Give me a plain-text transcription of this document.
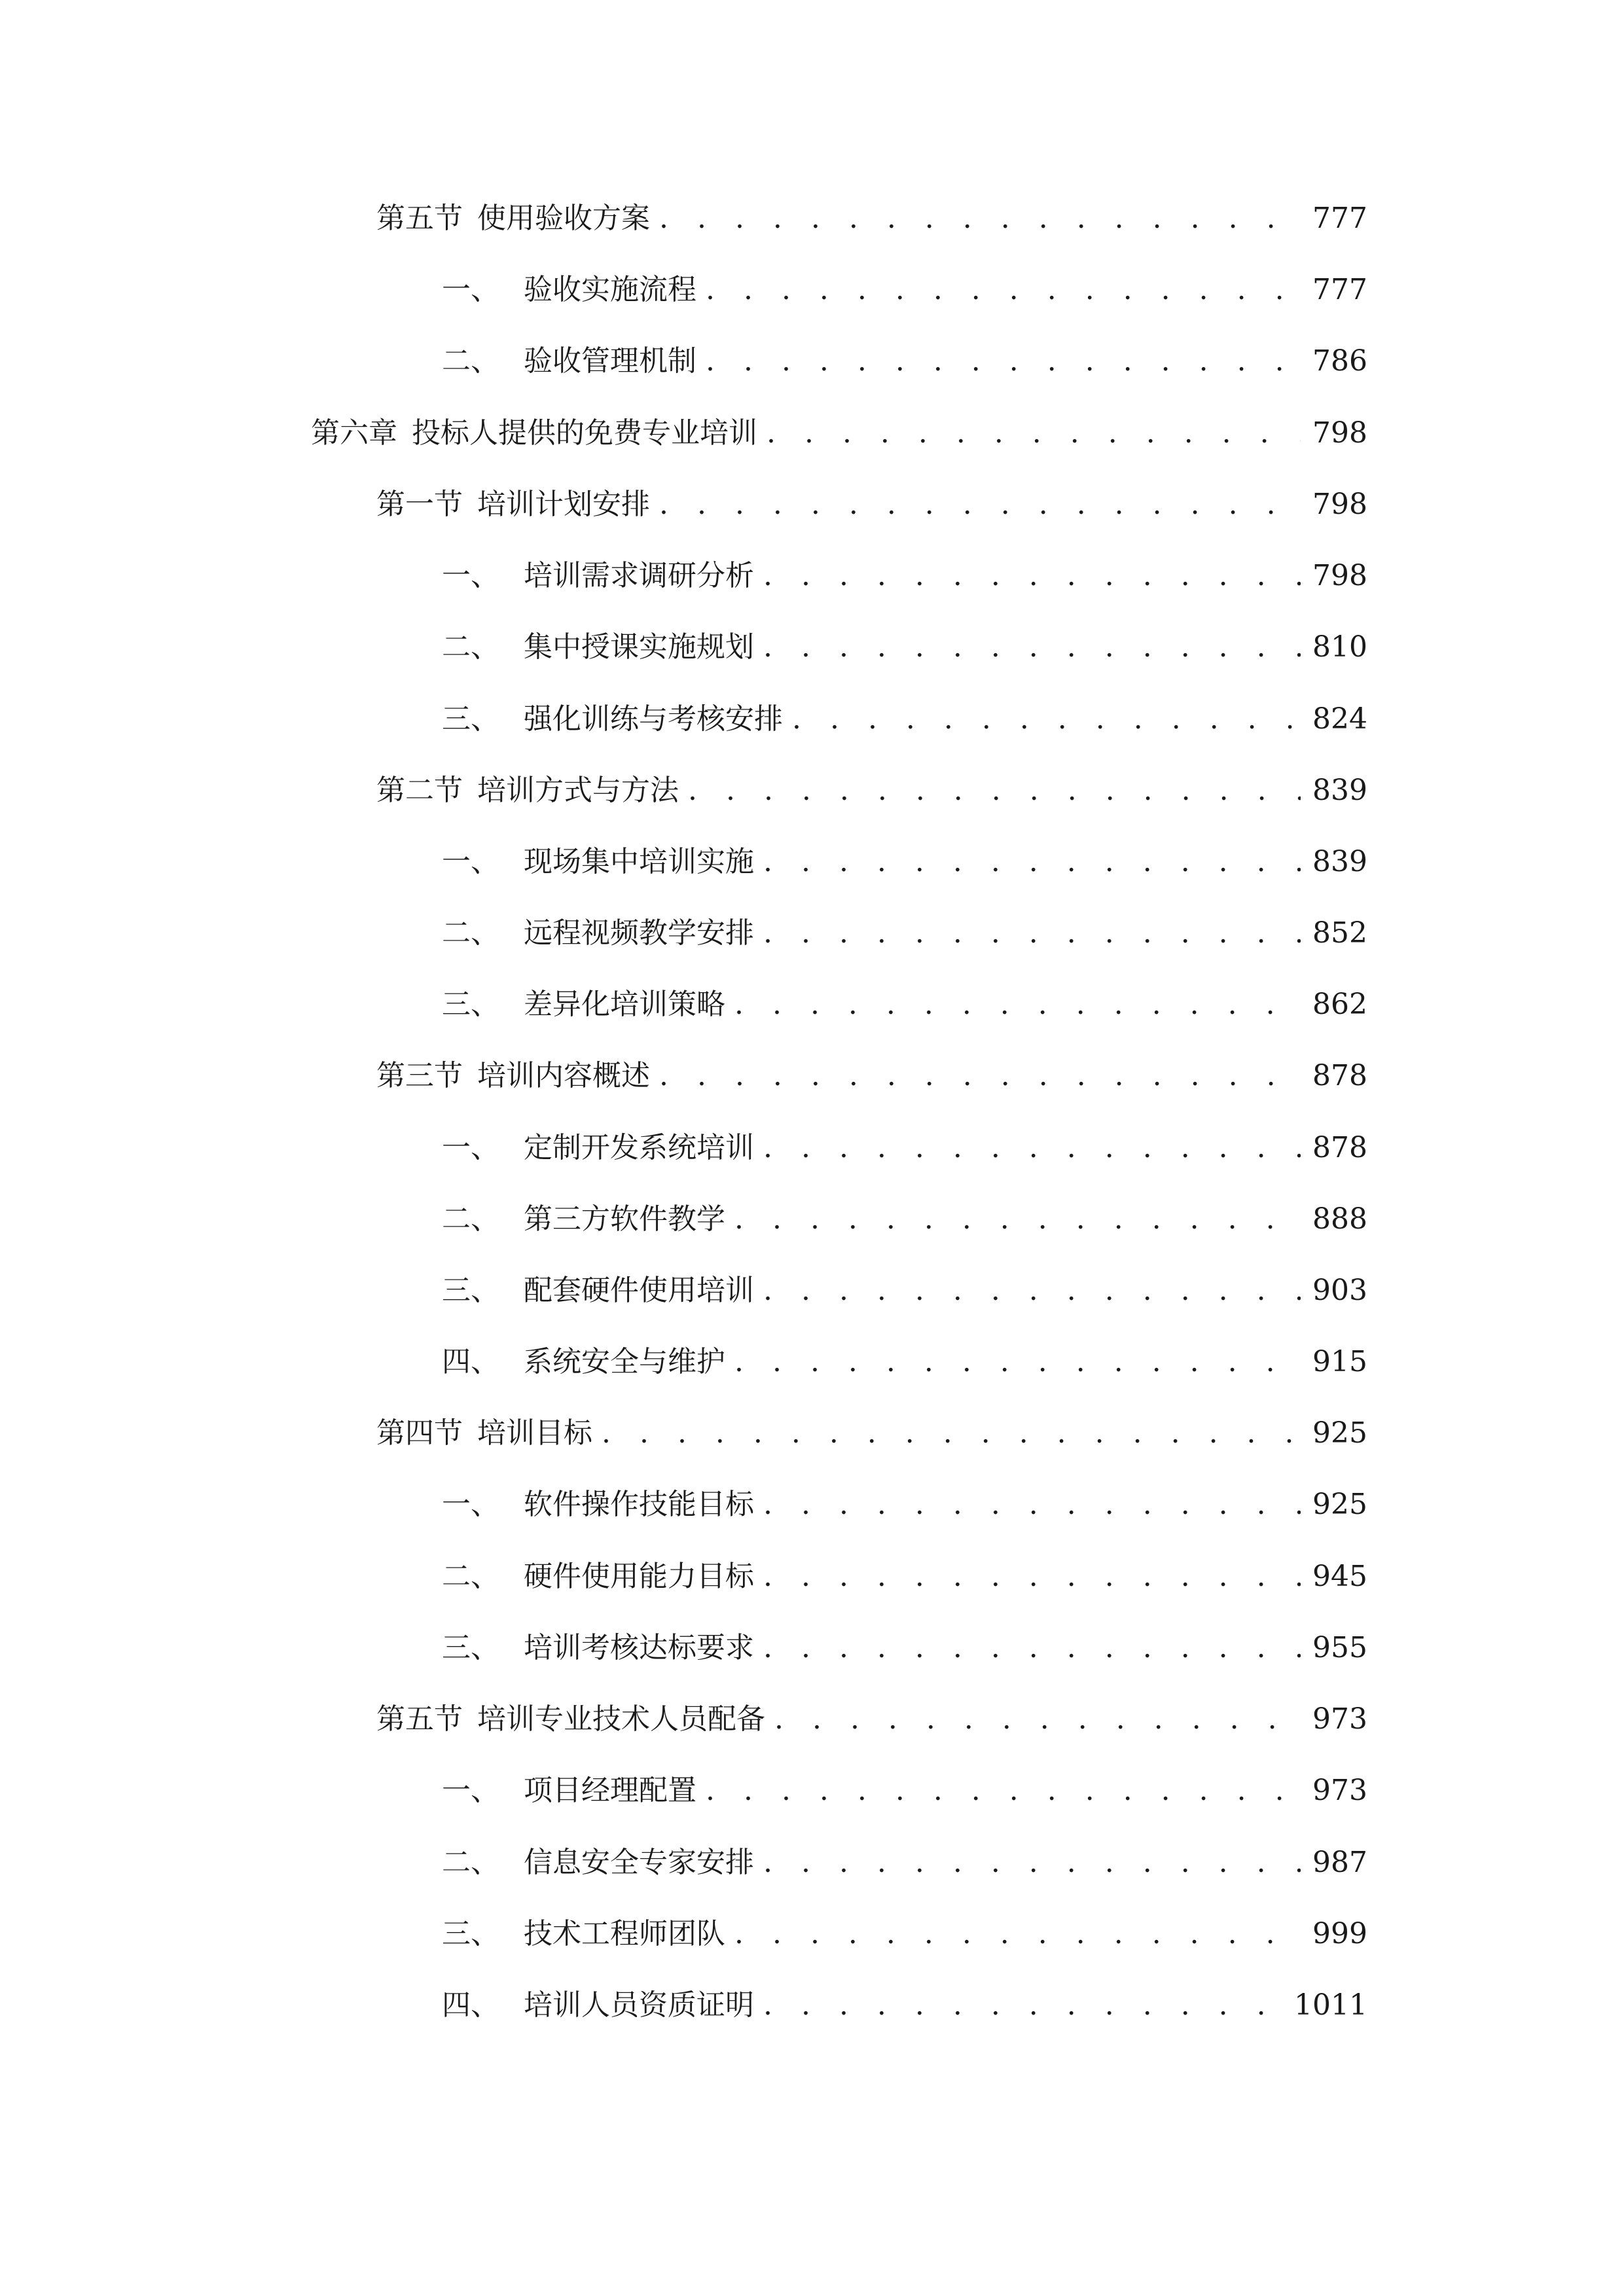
第五节 使用验收方案 . . .	777
一、 验收实施流程 . . .	777
二、 验收管理机制 . . .	786
第六章 投标人提供的免费专业培训 . . .	798
第一节 培训计划安排 . . .	798
一、 培训需求调研分析 . . .	798
二、 集中授课实施规划 . . .	810
三、 强化训练与考核安排 . . .	824
第二节 培训方式与方法 . . .	839
一、 现场集中培训实施 . . .	839
二、 远程视频教学安排 . . .	852
三、 差异化培训策略 . . .	862
第三节 培训内容概述 . . .	878
一、 定制开发系统培训 . . .	878
二、 第三方软件教学 . . .	888
三、 配套硬件使用培训 . . .	903
四、 系统安全与维护 . . .	915
第四节 培训目标 . . .	925
一、 软件操作技能目标 . . .	925
二、 硬件使用能力目标 . . .	945
三、 培训考核达标要求 . . .	955
第五节 培训专业技术人员配备 . . .	973
一、 项目经理配置 . . .	973
二、 信息安全专家安排 . . .	987
三、 技术工程师团队 . . .	999
四、 培训人员资质证明 . . .	1011
